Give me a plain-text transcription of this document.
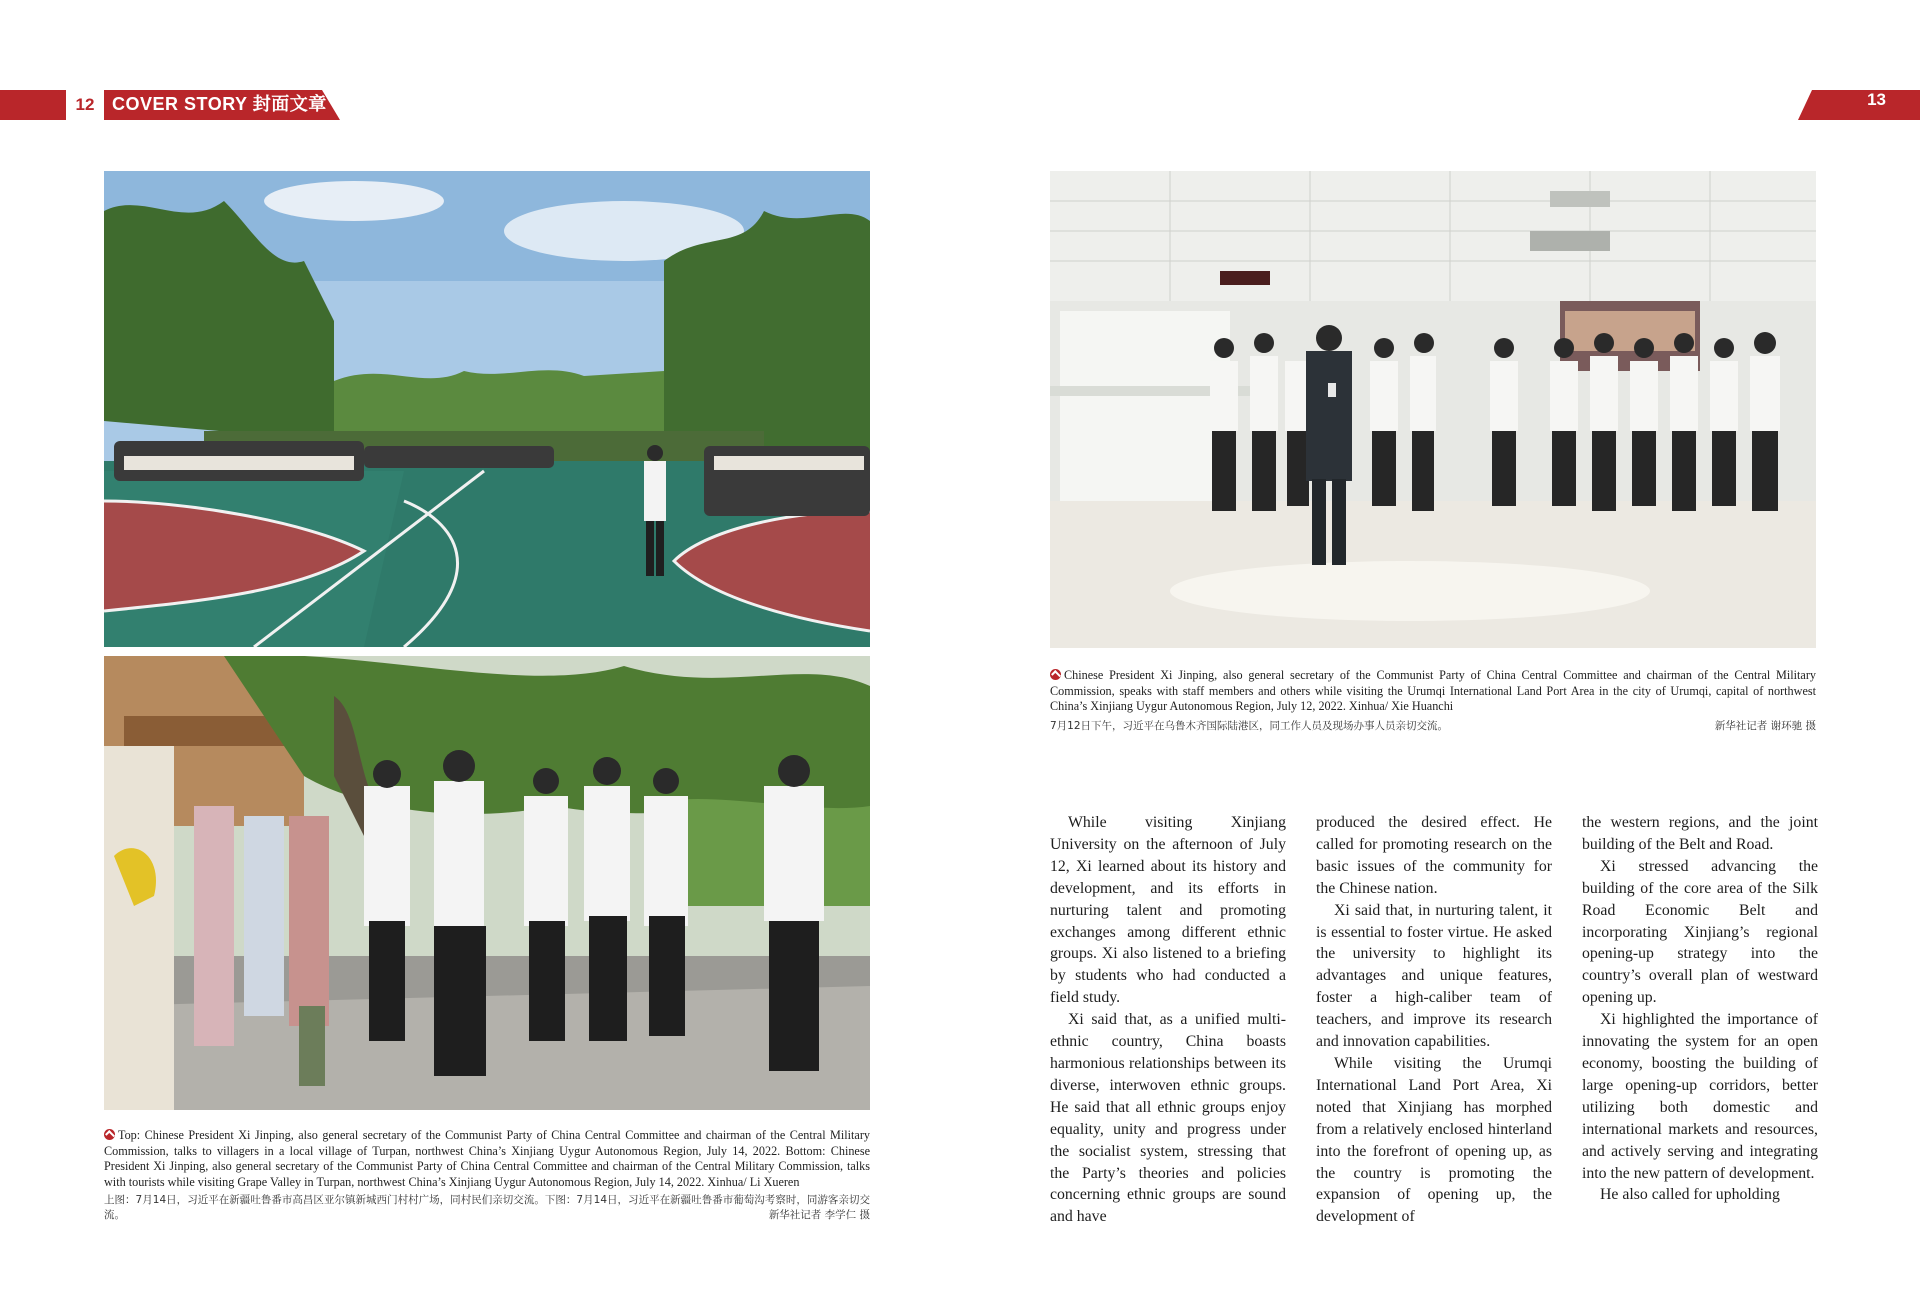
12 COVER STORY 封面文章	13
Top: Chinese President Xi Jinping, also general secretary of the Communist Party of China Central Committee and chairman of the Central Military Commission, talks to villagers in a local village of Turpan, northwest China’s Xinjiang Uygur Autonomous Region, July 14, 2022. Bottom: Chinese President Xi Jinping, also general secretary of the Communist Party of China Central Committee and chairman of the Central Military Commission, talks with tourists while visiting Grape Valley in Turpan, northwest China’s Xinjiang Uygur Autonomous Region, July 14, 2022. Xinhua/ Li Xueren
上图：7月14日，习近平在新疆吐鲁番市高昌区亚尔镇新城西门村村广场，同村民们亲切交流。下图：7月14日，习近平在新疆吐鲁番市葡萄沟考察时，同游客亲切交流。	新华社记者 李学仁 摄
Chinese President Xi Jinping, also general secretary of the Communist Party of China Central Committee and chairman of the Central Military Commission, speaks with staff members and others while visiting the Urumqi International Land Port Area in the city of Urumqi, capital of northwest China’s Xinjiang Uygur Autonomous Region, July 12, 2022. Xinhua/ Xie Huanchi
7月12日下午，习近平在乌鲁木齐国际陆港区，同工作人员及现场办事人员亲切交流。	新华社记者 谢环驰 摄

While visiting Xinjiang University on the afternoon of July 12, Xi learned about its history and development, and its efforts in nurturing talent and promoting exchanges among different ethnic groups. Xi also listened to a briefing by students who had conducted a field study.

Xi said that, as a unified multi-ethnic country, China boasts harmonious relationships between its diverse, interwoven ethnic groups. He said that all ethnic groups enjoy equality, unity and progress under the socialist system, stressing that the Party’s theories and policies concerning ethnic groups are sound and have

produced the desired effect. He called for promoting research on the basic issues of the community for the Chinese nation.

Xi said that, in nurturing talent, it is essential to foster virtue. He asked the university to highlight its advantages and unique features, foster a high-caliber team of teachers, and improve its research and innovation capabilities.

While visiting the Urumqi International Land Port Area, Xi noted that Xinjiang has morphed from a relatively enclosed hinterland into the forefront of opening up, as the country is promoting the expansion of opening up, the development of

the western regions, and the joint building of the Belt and Road.

Xi stressed advancing the building of the core area of the Silk Road Economic Belt and incorporating Xinjiang’s regional opening-up strategy into the country’s overall plan of westward opening up.

Xi highlighted the importance of innovating the system for an open economy, boosting the building of large opening-up corridors, better utilizing both domestic and international markets and resources, and actively serving and integrating into the new pattern of development.

He also called for upholding
